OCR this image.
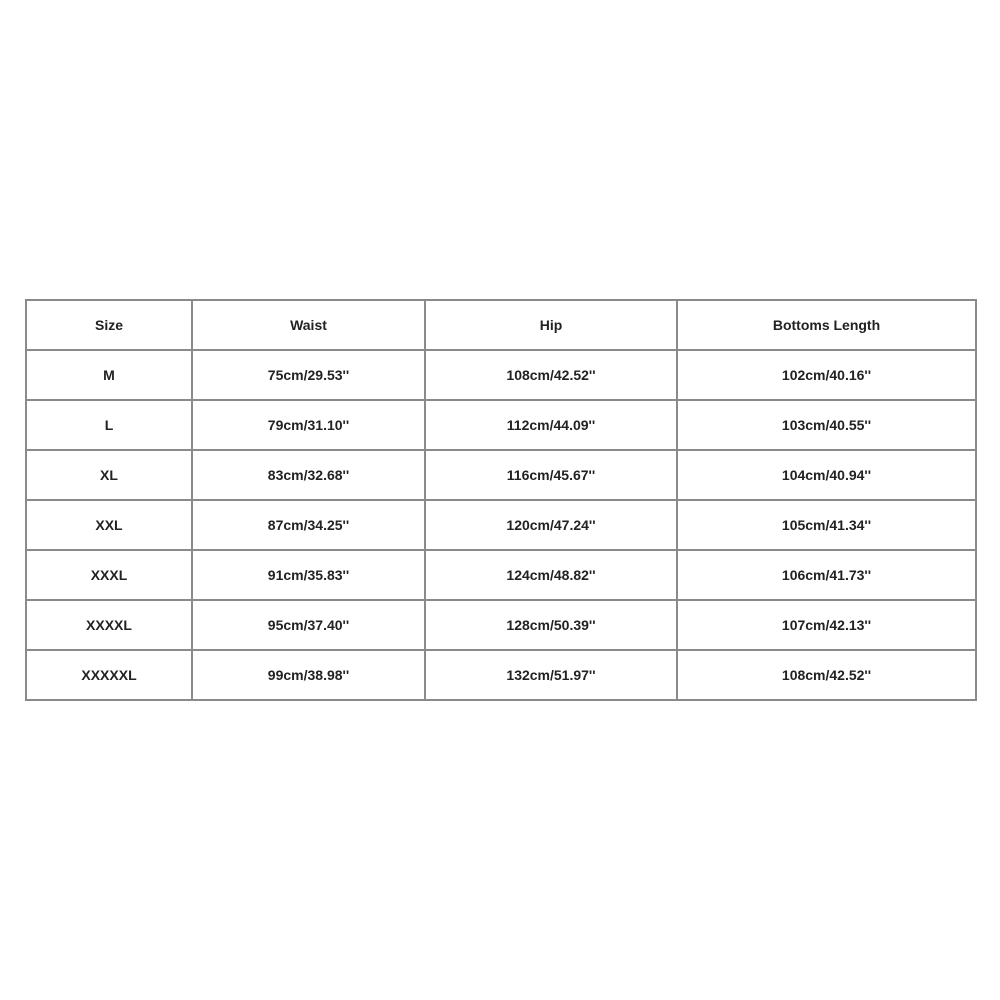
Size	Waist	Hip	Bottoms Length
M	75cm/29.53''	108cm/42.52''	102cm/40.16''
L	79cm/31.10''	112cm/44.09''	103cm/40.55''
XL	83cm/32.68''	116cm/45.67''	104cm/40.94''
XXL	87cm/34.25''	120cm/47.24''	105cm/41.34''
XXXL	91cm/35.83''	124cm/48.82''	106cm/41.73''
XXXXL	95cm/37.40''	128cm/50.39''	107cm/42.13''
XXXXXL	99cm/38.98''	132cm/51.97''	108cm/42.52''
